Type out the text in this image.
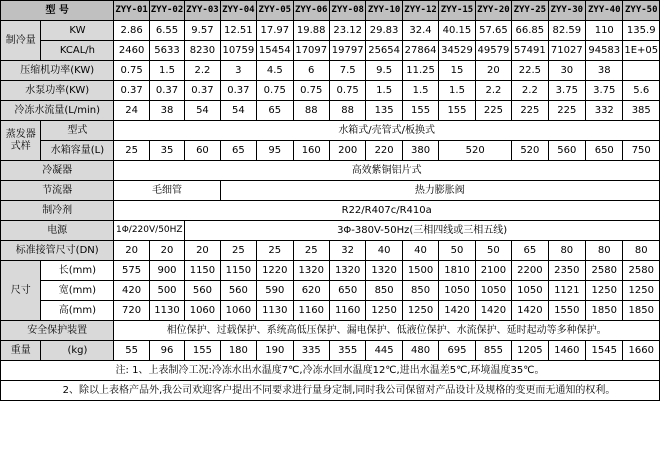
型 号		ZYY-01	ZYY-02	ZYY-03	ZYY-04	ZYY-05	ZYY-06	ZYY-08	ZYY-10	ZYY-12	ZYY-15	ZYY-20	ZYY-25	ZYY-30	ZYY-40	ZYY-50
制冷量	KW	2.86	6.55	9.57	12.51	17.97	19.88	23.12	29.83	32.4	40.15	57.65	66.85	82.59	110	135.9
	KCAL/h	2460	5633	8230	10759	15454	17097	19797	25654	27864	34529	49579	57491	71027	94583	1E+05
压缩机功率(KW)		0.75	1.5	2.2	3	4.5	6	7.5	9.5	11.25	15	20	22.5	30	38	
水泵功率(KW)		0.37	0.37	0.37	0.37	0.75	0.75	0.75	1.5	1.5	1.5	2.2	2.2	3.75	3.75	5.6
冷冻水流量(L/min)		24	38	54	54	65	88	88	135	155	155	225	225	225	332	385
蒸发器式样	型式	水箱式/壳管式/板换式														
	水箱容量(L)	25	35	60	65	95	160	200	220	380	520		520	560	650	750
冷凝器		高效紫铜铝片式														
节流器		毛细管			热力膨胀阀											
制冷剂		R22/R407c/R410a														
电源		1Φ/220V/50HZ		3Φ-380V-50Hz(三相四线或三相五线)												
标准接管尺寸(DN)		20	20	20	25	25	25	32	40	40	50	50	65	80	80	80
尺寸	长(mm)	575	900	1150	1150	1220	1320	1320	1320	1500	1810	2100	2200	2350	2580	2580
	宽(mm)	420	500	560	560	590	620	650	850	850	1050	1050	1050	1121	1250	1250
	高(mm)	720	1130	1060	1060	1130	1160	1160	1250	1250	1420	1420	1420	1550	1850	1850
安全保护装置		相位保护、过载保护、系统高低压保护、漏电保护、低液位保护、水流保护、延时起动等多种保护。														
重量	(kg)	55	96	155	180	190	335	355	445	480	695	855	1205	1460	1545	1660
注: 1、上表制冷工况:冷冻水出水温度7℃,冷冻水回水温度12℃,进出水温差5℃,环境温度35℃。																
2、除以上表格产品外,我公司欢迎客户提出不同要求进行量身定制,同时我公司保留对产品设计及规格的变更而无通知的权利。																
